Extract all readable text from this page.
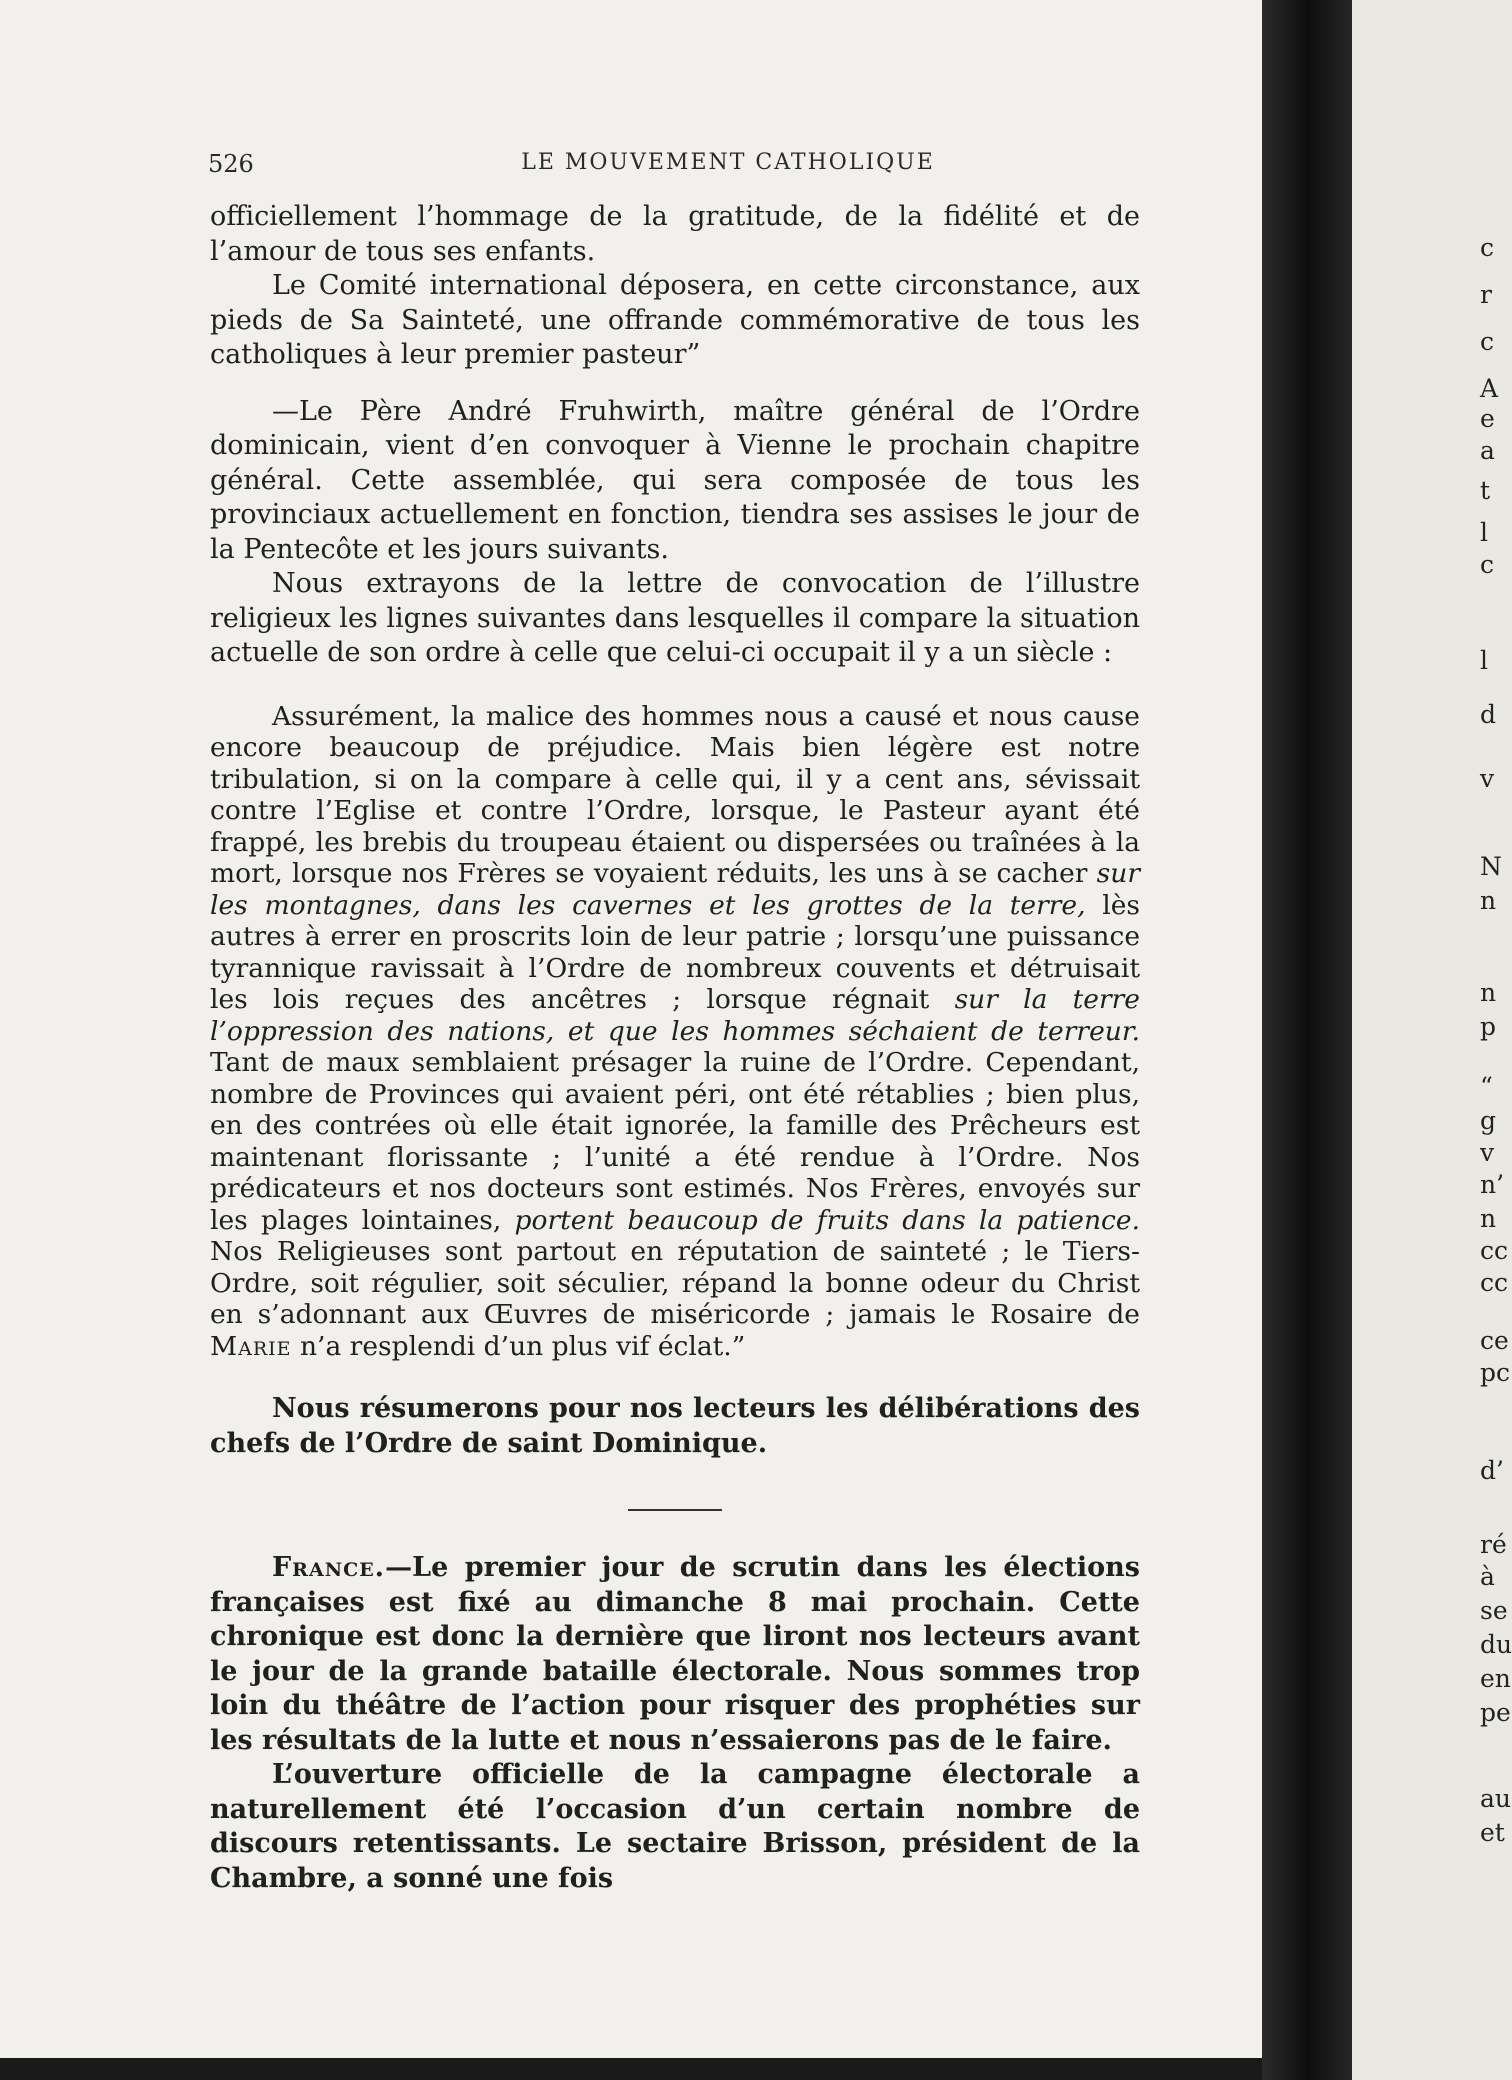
526	LE MOUVEMENT CATHOLIQUE

officiellement l’hommage de la gratitude, de la fidélité et de l’amour de tous ses enfants.

Le Comité international déposera, en cette circonstance, aux pieds de Sa Sainteté, une offrande commémorative de tous les catholiques à leur premier pasteur”

—Le Père André Fruhwirth, maître général de l’Ordre dominicain, vient d’en convoquer à Vienne le prochain chapitre général. Cette assemblée, qui sera composée de tous les provinciaux actuellement en fonction, tiendra ses assises le jour de la Pentecôte et les jours suivants.

Nous extrayons de la lettre de convocation de l’illustre religieux les lignes suivantes dans lesquelles il compare la situation actuelle de son ordre à celle que celui-ci occupait il y a un siècle :

Assurément, la malice des hommes nous a causé et nous cause encore beaucoup de préjudice. Mais bien légère est notre tribulation, si on la compare à celle qui, il y a cent ans, sévissait contre l’Eglise et contre l’Ordre, lorsque, le Pasteur ayant été frappé, les brebis du troupeau étaient ou dispersées ou traînées à la mort, lorsque nos Frères se voyaient réduits, les uns à se cacher sur les montagnes, dans les cavernes et les grottes de la terre, lès autres à errer en proscrits loin de leur patrie ; lorsqu’une puissance tyrannique ravissait à l’Ordre de nombreux couvents et détruisait les lois reçues des ancêtres ; lorsque régnait sur la terre l’oppression des nations, et que les hommes séchaient de terreur. Tant de maux semblaient présager la ruine de l’Ordre. Cependant, nombre de Provinces qui avaient péri, ont été rétablies ; bien plus, en des contrées où elle était ignorée, la famille des Prêcheurs est maintenant florissante ; l’unité a été rendue à l’Ordre. Nos prédicateurs et nos docteurs sont estimés. Nos Frères, envoyés sur les plages lointaines, portent beaucoup de fruits dans la patience. Nos Religieuses sont partout en réputation de sainteté ; le Tiers-Ordre, soit régulier, soit séculier, répand la bonne odeur du Christ en s’adonnant aux Œuvres de miséricorde ; jamais le Rosaire de Marie n’a resplendi d’un plus vif éclat.”

Nous résumerons pour nos lecteurs les délibérations des chefs de l’Ordre de saint Dominique.

France.—Le premier jour de scrutin dans les élections françaises est fixé au dimanche 8 mai prochain. Cette chronique est donc la dernière que liront nos lecteurs avant le jour de la grande bataille électorale. Nous sommes trop loin du théâtre de l’action pour risquer des prophéties sur les résultats de la lutte et nous n’essaierons pas de le faire.

L’ouverture officielle de la campagne électorale a naturellement été l’occasion d’un certain nombre de discours retentissants. Le sectaire Brisson, président de la Chambre, a sonné une fois

c
r
c
A
e
a
t
l
c
l
d
v
N
n
n
p
“
g
v
n’
n
cc
cc
ce
pc
d’
ré
à
se
du
en
pe
au
et
